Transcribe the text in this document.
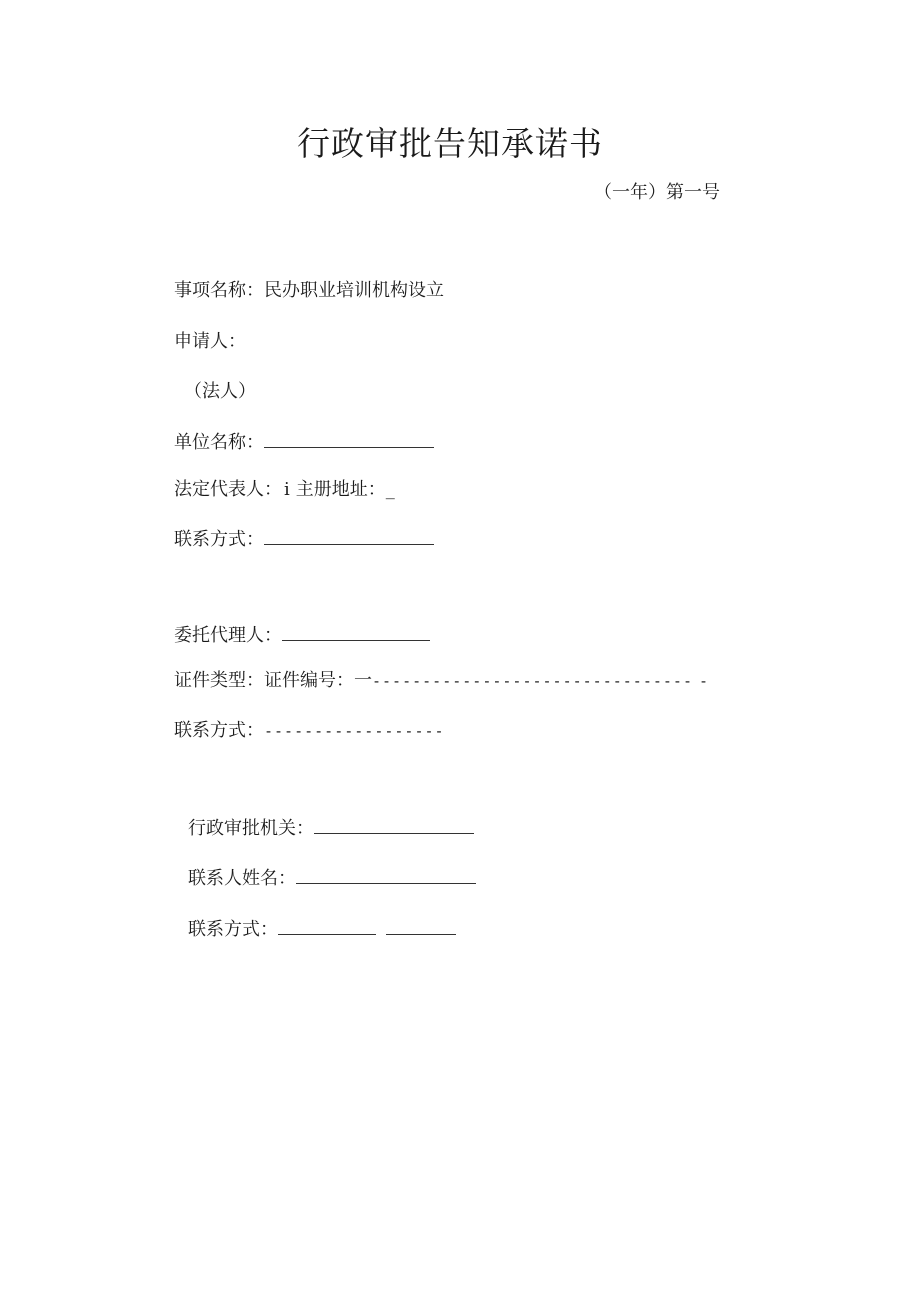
行政审批告知承诺书
（一年）第一号
事项名称：民办职业培训机构设立
申请人：
（法人）
单位名称：
法定代表人： i 主册地址：_
联系方式：
委托代理人：
证件类型：证件编号：一-------------------------------- -
联系方式：------------------
行政审批机关：
联系人姓名：
联系方式：
